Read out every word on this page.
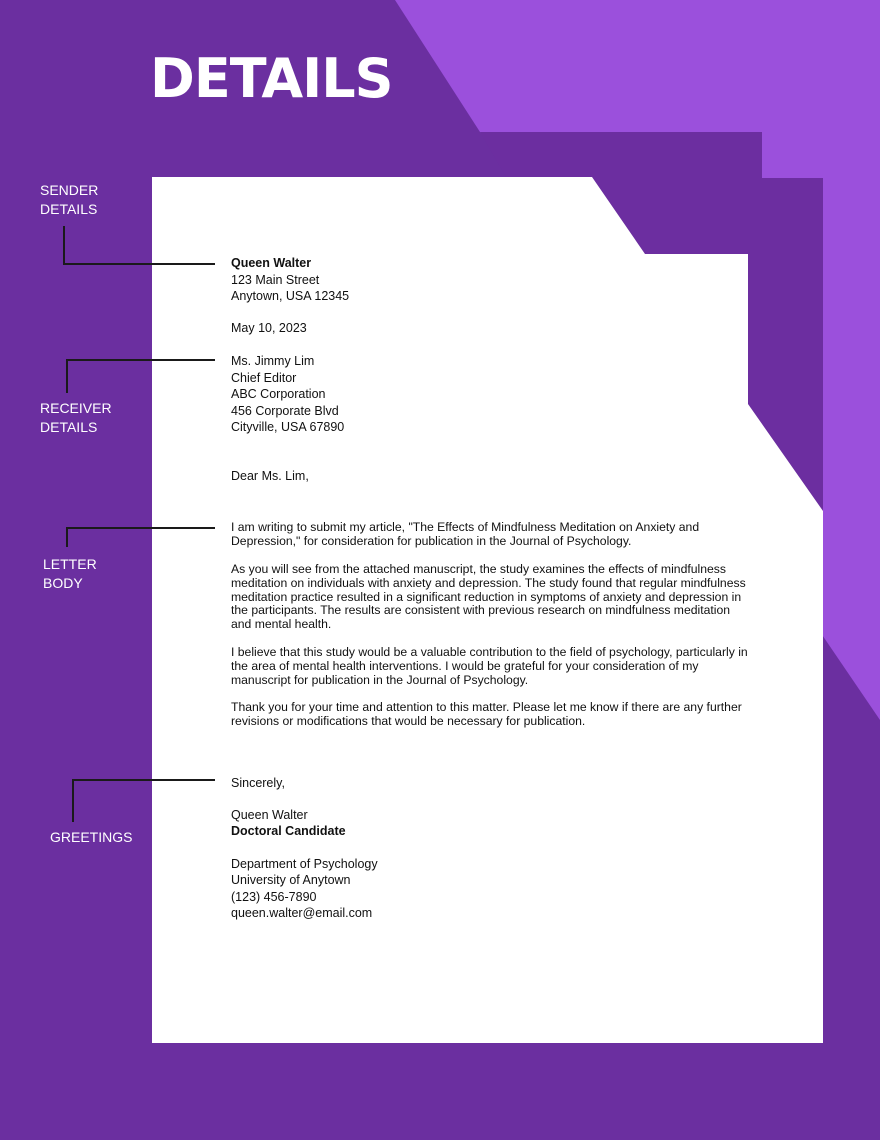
DETAILS
SENDER
DETAILS
RECEIVER
DETAILS
LETTER
BODY
GREETINGS

Queen Walter

123 Main Street

Anytown, USA 12345

May 10, 2023

Ms. Jimmy Lim

Chief Editor

ABC Corporation

456 Corporate Blvd

Cityville, USA 67890

Dear Ms. Lim,

I am writing to submit my article, "The Effects of Mindfulness Meditation on Anxiety and Depression," for consideration for publication in the Journal of Psychology.

As you will see from the attached manuscript, the study examines the effects of mindfulness meditation on individuals with anxiety and depression. The study found that regular mindfulness meditation practice resulted in a significant reduction in symptoms of anxiety and depression in the participants. The results are consistent with previous research on mindfulness meditation and mental health.

I believe that this study would be a valuable contribution to the field of psychology, particularly in the area of mental health interventions. I would be grateful for your consideration of my manuscript for publication in the Journal of Psychology.

Thank you for your time and attention to this matter. Please let me know if there are any further revisions or modifications that would be necessary for publication.

Sincerely,

Queen Walter

Doctoral Candidate

Department of Psychology

University of Anytown

(123) 456-7890

queen.walter@email.com
